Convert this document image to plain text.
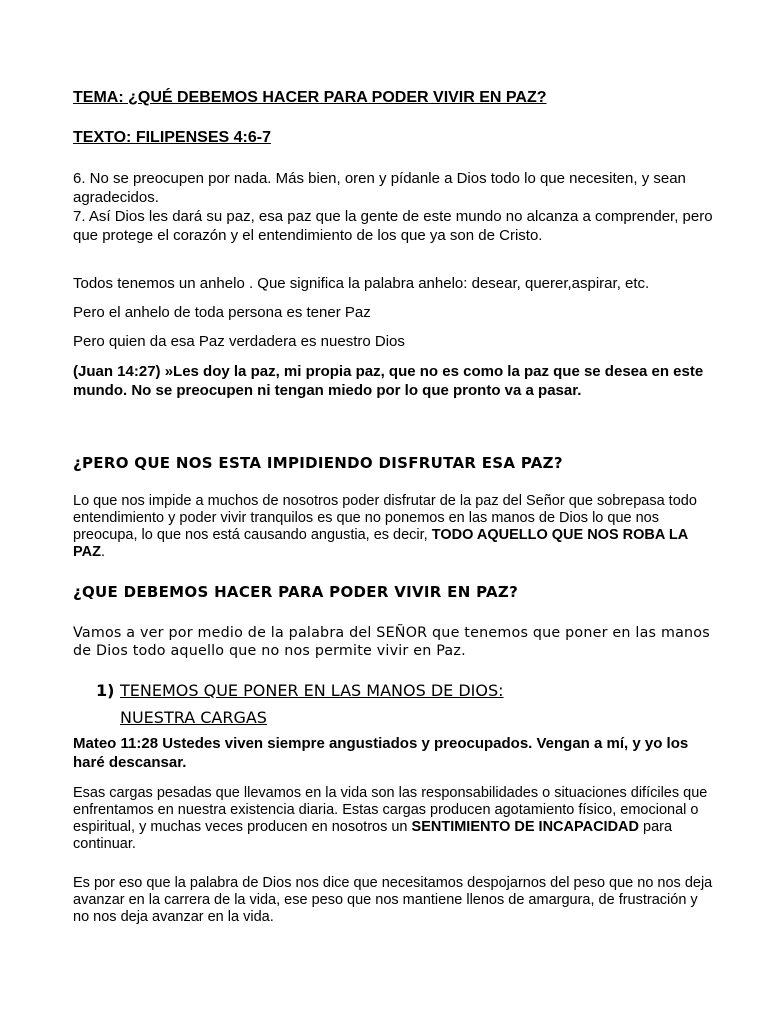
TEMA: ¿QUÉ DEBEMOS HACER PARA PODER VIVIR EN PAZ?

TEXTO: FILIPENSES 4:6-7

6. No se preocupen por nada. Más bien, oren y pídanle a Dios todo lo que necesiten, y sean agradecidos.

7. Así Dios les dará su paz, esa paz que la gente de este mundo no alcanza a comprender, pero que protege el corazón y el entendimiento de los que ya son de Cristo.

Todos tenemos un anhelo . Que significa la palabra anhelo: desear, querer,aspirar, etc.

Pero el anhelo de toda persona es tener Paz

Pero quien da esa Paz verdadera es nuestro Dios

(Juan 14:27) »Les doy la paz, mi propia paz, que no es como la paz que se desea en este mundo. No se preocupen ni tengan miedo por lo que pronto va a pasar.

¿PERO QUE NOS ESTA IMPIDIENDO DISFRUTAR ESA PAZ?

Lo que nos impide a muchos de nosotros poder disfrutar de la paz del Señor que sobrepasa todo entendimiento y poder vivir tranquilos es que no ponemos en las manos de Dios lo que nos preocupa, lo que nos está causando angustia, es decir, TODO AQUELLO QUE NOS ROBA LA PAZ.

¿QUE DEBEMOS HACER PARA PODER VIVIR EN PAZ?

Vamos a ver por medio de la palabra del SEÑOR que tenemos que poner en las manos de Dios todo aquello que no nos permite vivir en Paz.

1) TENEMOS QUE PONER EN LAS MANOS DE DIOS:

NUESTRA CARGAS

Mateo 11:28 Ustedes viven siempre angustiados y preocupados. Vengan a mí, y yo los haré descansar.

Esas cargas pesadas que llevamos en la vida son las responsabilidades o situaciones difíciles que enfrentamos en nuestra existencia diaria. Estas cargas producen agotamiento físico, emocional o espiritual, y muchas veces producen en nosotros un SENTIMIENTO DE INCAPACIDAD para continuar.

Es por eso que la palabra de Dios nos dice que necesitamos despojarnos del peso que no nos deja avanzar en la carrera de la vida, ese peso que nos mantiene llenos de amargura, de frustración y no nos deja avanzar en la vida.
